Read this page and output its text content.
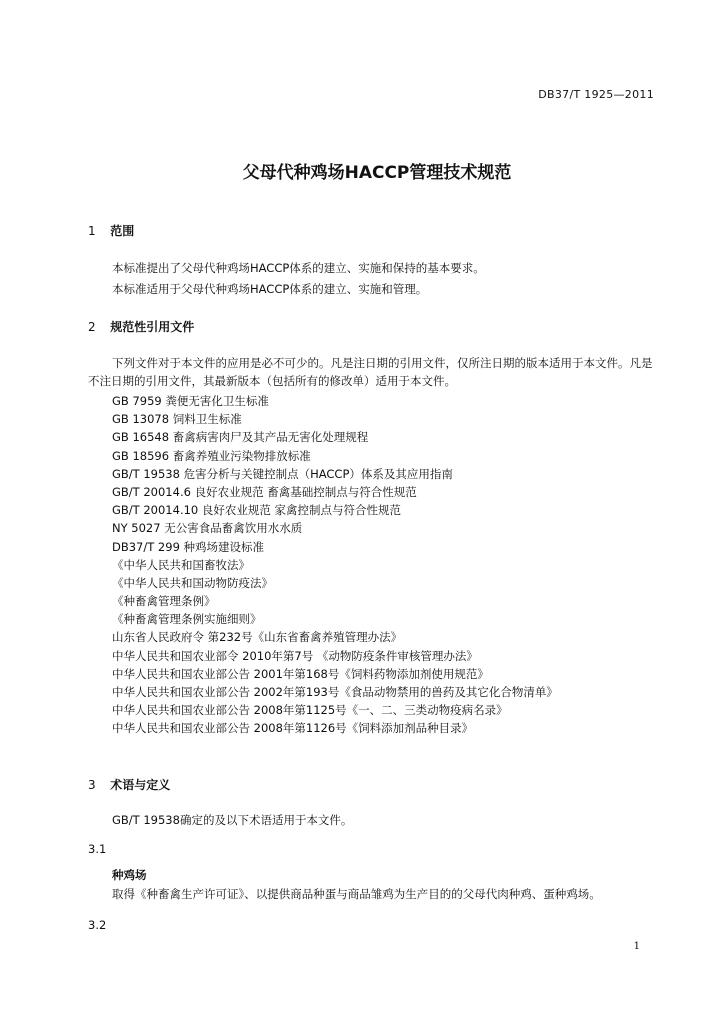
DB37/T 1925—2011
父母代种鸡场HACCP管理技术规范
1 范围
本标准提出了父母代种鸡场HACCP体系的建立、实施和保持的基本要求。
本标准适用于父母代种鸡场HACCP体系的建立、实施和管理。
2 规范性引用文件
下列文件对于本文件的应用是必不可少的。凡是注日期的引用文件，仅所注日期的版本适用于本文件。凡是不注日期的引用文件，其最新版本（包括所有的修改单）适用于本文件。
GB 7959 粪便无害化卫生标准
GB 13078 饲料卫生标准
GB 16548 畜禽病害肉尸及其产品无害化处理规程
GB 18596 畜禽养殖业污染物排放标准
GB/T 19538 危害分析与关键控制点（HACCP）体系及其应用指南
GB/T 20014.6 良好农业规范 畜禽基础控制点与符合性规范
GB/T 20014.10 良好农业规范 家禽控制点与符合性规范
NY 5027 无公害食品畜禽饮用水水质
DB37/T 299 种鸡场建设标准
《中华人民共和国畜牧法》
《中华人民共和国动物防疫法》
《种畜禽管理条例》
《种畜禽管理条例实施细则》
山东省人民政府令 第232号《山东省畜禽养殖管理办法》
中华人民共和国农业部令 2010年第7号 《动物防疫条件审核管理办法》
中华人民共和国农业部公告 2001年第168号《饲料药物添加剂使用规范》
中华人民共和国农业部公告 2002年第193号《食品动物禁用的兽药及其它化合物清单》
中华人民共和国农业部公告 2008年第1125号《一、二、三类动物疫病名录》
中华人民共和国农业部公告 2008年第1126号《饲料添加剂品种目录》
3 术语与定义
GB/T 19538确定的及以下术语适用于本文件。
3.1
种鸡场
取得《种畜禽生产许可证》、以提供商品种蛋与商品雏鸡为生产目的的父母代肉种鸡、蛋种鸡场。
3.2
1
